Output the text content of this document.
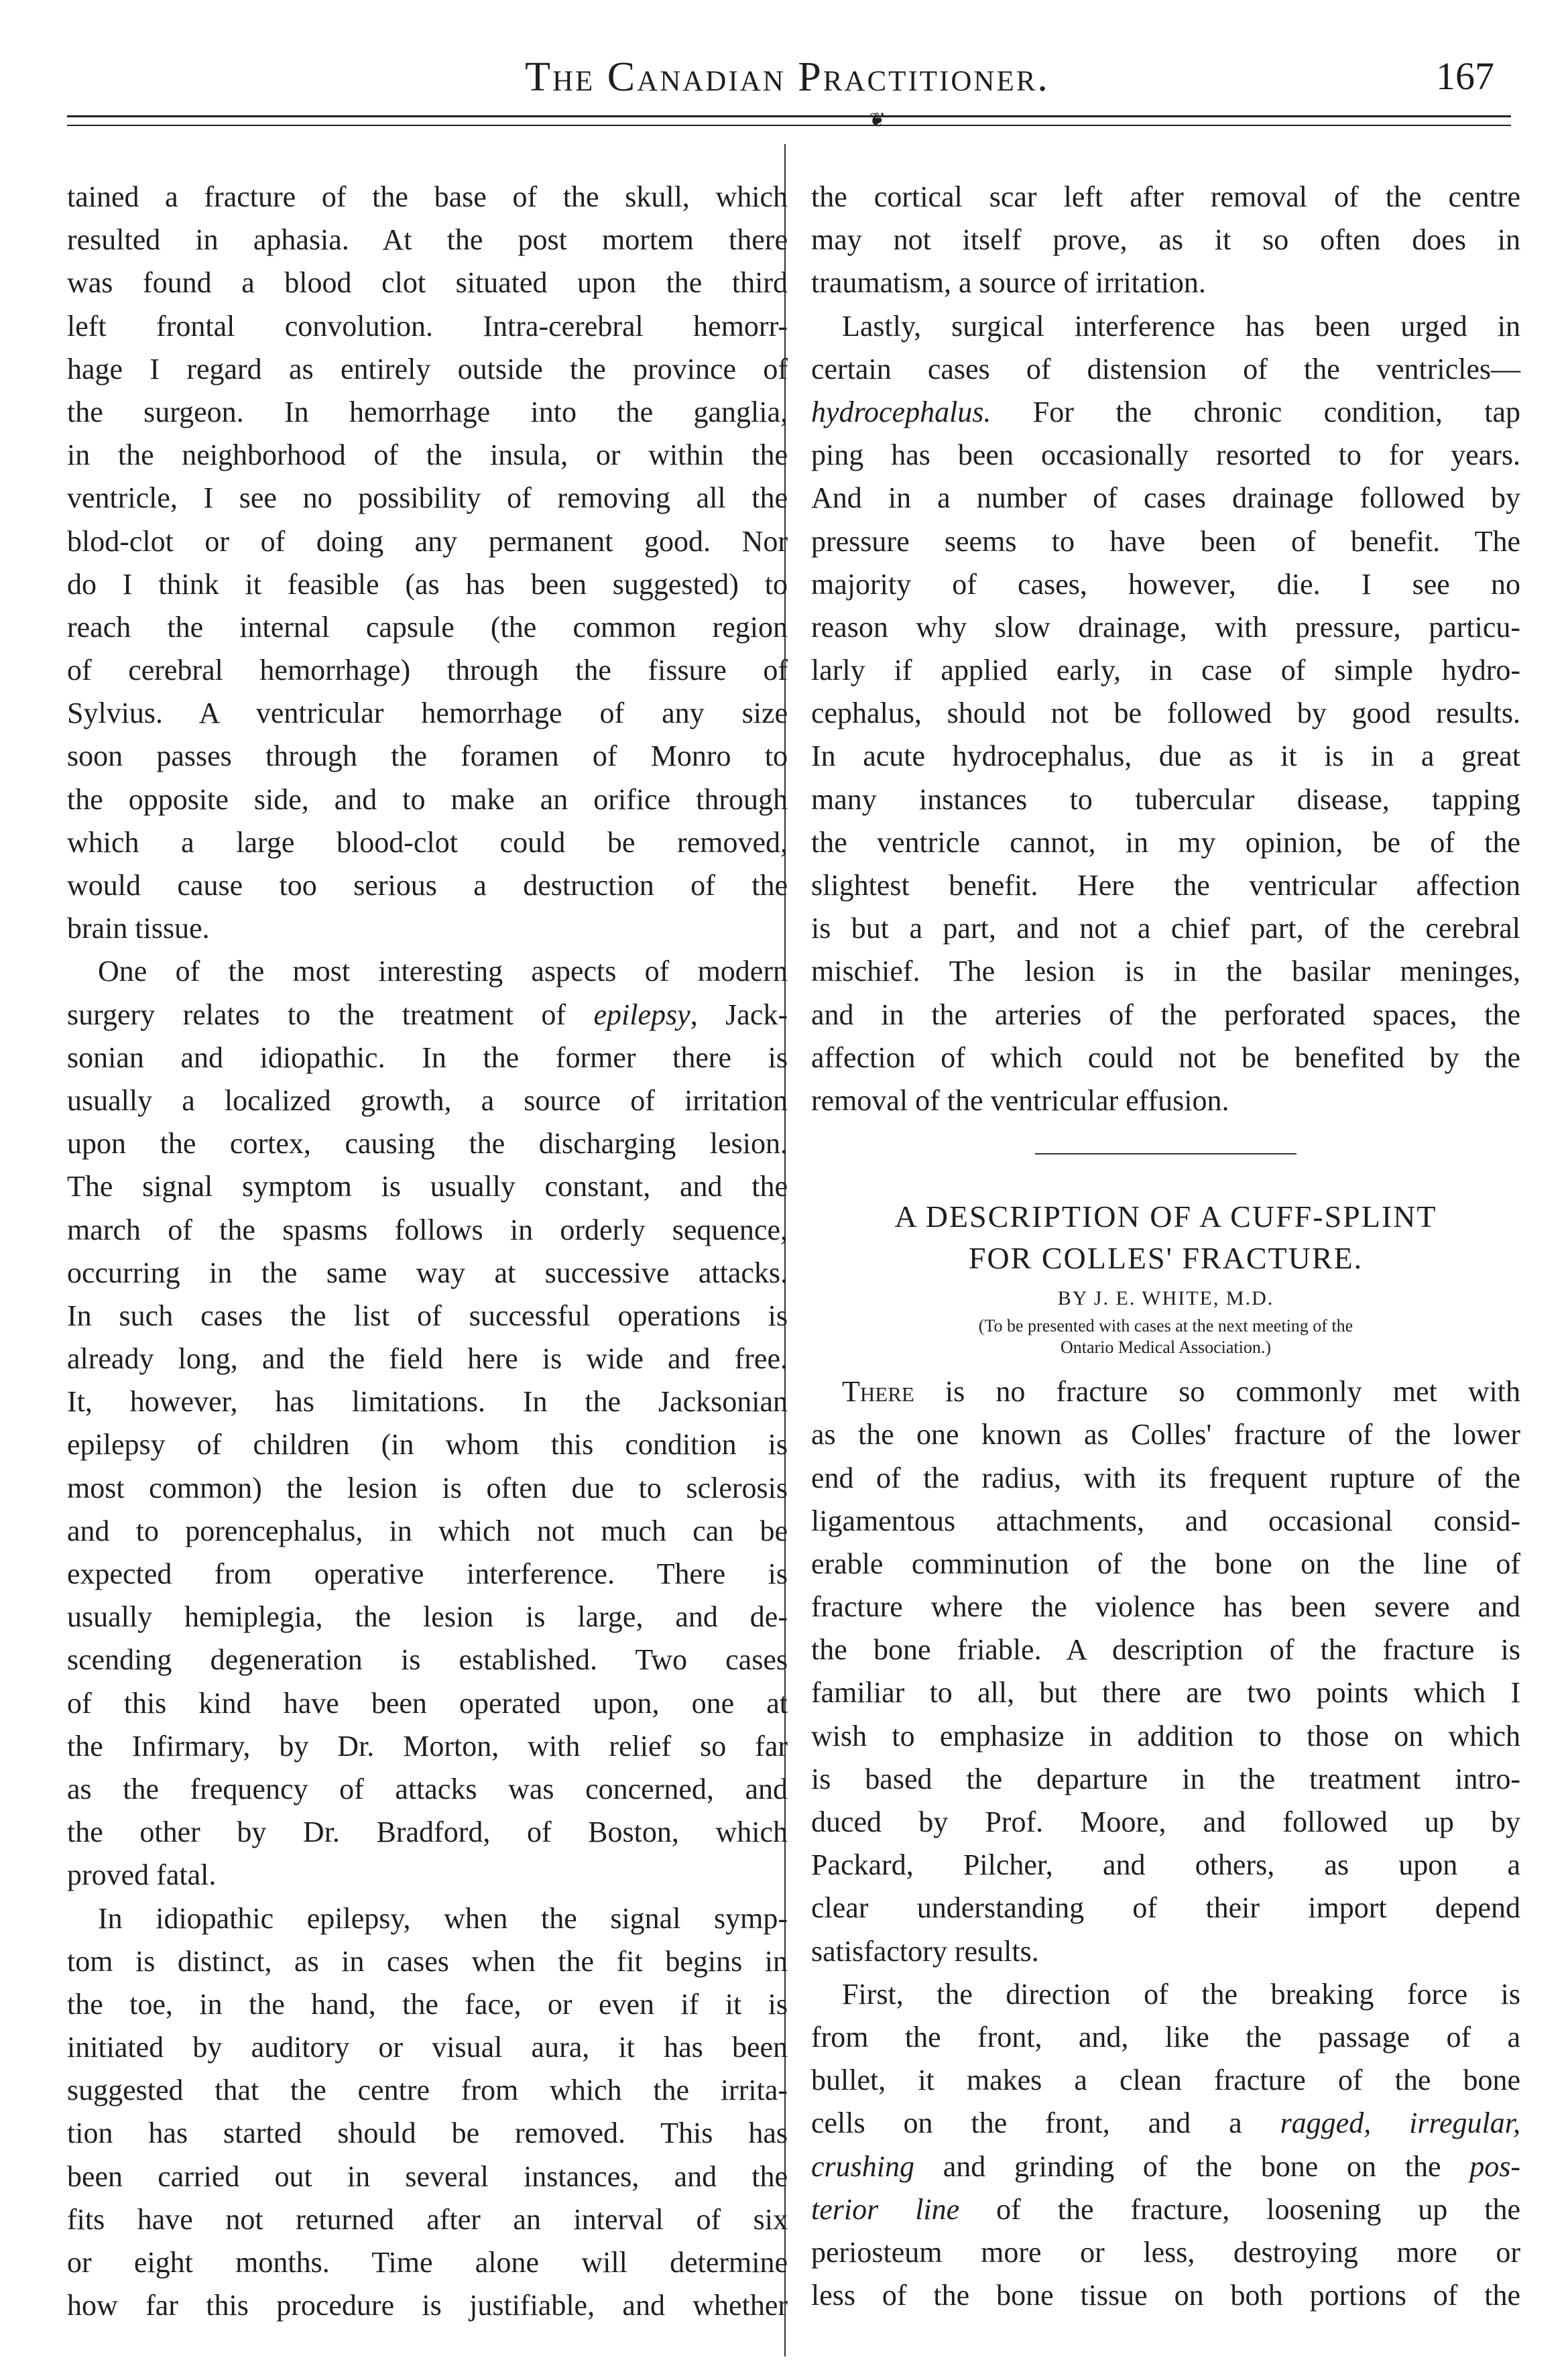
The Canadian Practitioner.	167
❦
tained a fracture of the base of the skull, which
resulted in aphasia. At the post mortem there
was found a blood clot situated upon the third
left frontal convolution. Intra-cerebral hemorr-
hage I regard as entirely outside the province of
the surgeon. In hemorrhage into the ganglia,
in the neighborhood of the insula, or within the
ventricle, I see no possibility of removing all the
blod-clot or of doing any permanent good. Nor
do I think it feasible (as has been suggested) to
reach the internal capsule (the common region
of cerebral hemorrhage) through the fissure of
Sylvius. A ventricular hemorrhage of any size
soon passes through the foramen of Monro to
the opposite side, and to make an orifice through
which a large blood-clot could be removed,
would cause too serious a destruction of the
brain tissue.
One of the most interesting aspects of modern
surgery relates to the treatment of epilepsy, Jack-
sonian and idiopathic. In the former there is
usually a localized growth, a source of irritation
upon the cortex, causing the discharging lesion.
The signal symptom is usually constant, and the
march of the spasms follows in orderly sequence,
occurring in the same way at successive attacks.
In such cases the list of successful operations is
already long, and the field here is wide and free.
It, however, has limitations. In the Jacksonian
epilepsy of children (in whom this condition is
most common) the lesion is often due to sclerosis
and to porencephalus, in which not much can be
expected from operative interference. There is
usually hemiplegia, the lesion is large, and de-
scending degeneration is established. Two cases
of this kind have been operated upon, one at
the Infirmary, by Dr. Morton, with relief so far
as the frequency of attacks was concerned, and
the other by Dr. Bradford, of Boston, which
proved fatal.
In idiopathic epilepsy, when the signal symp-
tom is distinct, as in cases when the fit begins in
the toe, in the hand, the face, or even if it is
initiated by auditory or visual aura, it has been
suggested that the centre from which the irrita-
tion has started should be removed. This has
been carried out in several instances, and the
fits have not returned after an interval of six
or eight months. Time alone will determine
how far this procedure is justifiable, and whether
the cortical scar left after removal of the centre
may not itself prove, as it so often does in
traumatism, a source of irritation.
Lastly, surgical interference has been urged in
certain cases of distension of the ventricles—
hydrocephalus. For the chronic condition, tap
ping has been occasionally resorted to for years.
And in a number of cases drainage followed by
pressure seems to have been of benefit. The
majority of cases, however, die. I see no
reason why slow drainage, with pressure, particu-
larly if applied early, in case of simple hydro-
cephalus, should not be followed by good results.
In acute hydrocephalus, due as it is in a great
many instances to tubercular disease, tapping
the ventricle cannot, in my opinion, be of the
slightest benefit. Here the ventricular affection
is but a part, and not a chief part, of the cerebral
mischief. The lesion is in the basilar meninges,
and in the arteries of the perforated spaces, the
affection of which could not be benefited by the
removal of the ventricular effusion.
A DESCRIPTION OF A CUFF-SPLINT
FOR COLLES' FRACTURE.
BY J. E. WHITE, M.D.
(To be presented with cases at the next meeting of the
Ontario Medical Association.)
There is no fracture so commonly met with
as the one known as Colles' fracture of the lower
end of the radius, with its frequent rupture of the
ligamentous attachments, and occasional consid-
erable comminution of the bone on the line of
fracture where the violence has been severe and
the bone friable. A description of the fracture is
familiar to all, but there are two points which I
wish to emphasize in addition to those on which
is based the departure in the treatment intro-
duced by Prof. Moore, and followed up by
Packard, Pilcher, and others, as upon a
clear understanding of their import depend
satisfactory results.
First, the direction of the breaking force is
from the front, and, like the passage of a
bullet, it makes a clean fracture of the bone
cells on the front, and a ragged, irregular,
crushing and grinding of the bone on the pos-
terior line of the fracture, loosening up the
periosteum more or less, destroying more or
less of the bone tissue on both portions of the
